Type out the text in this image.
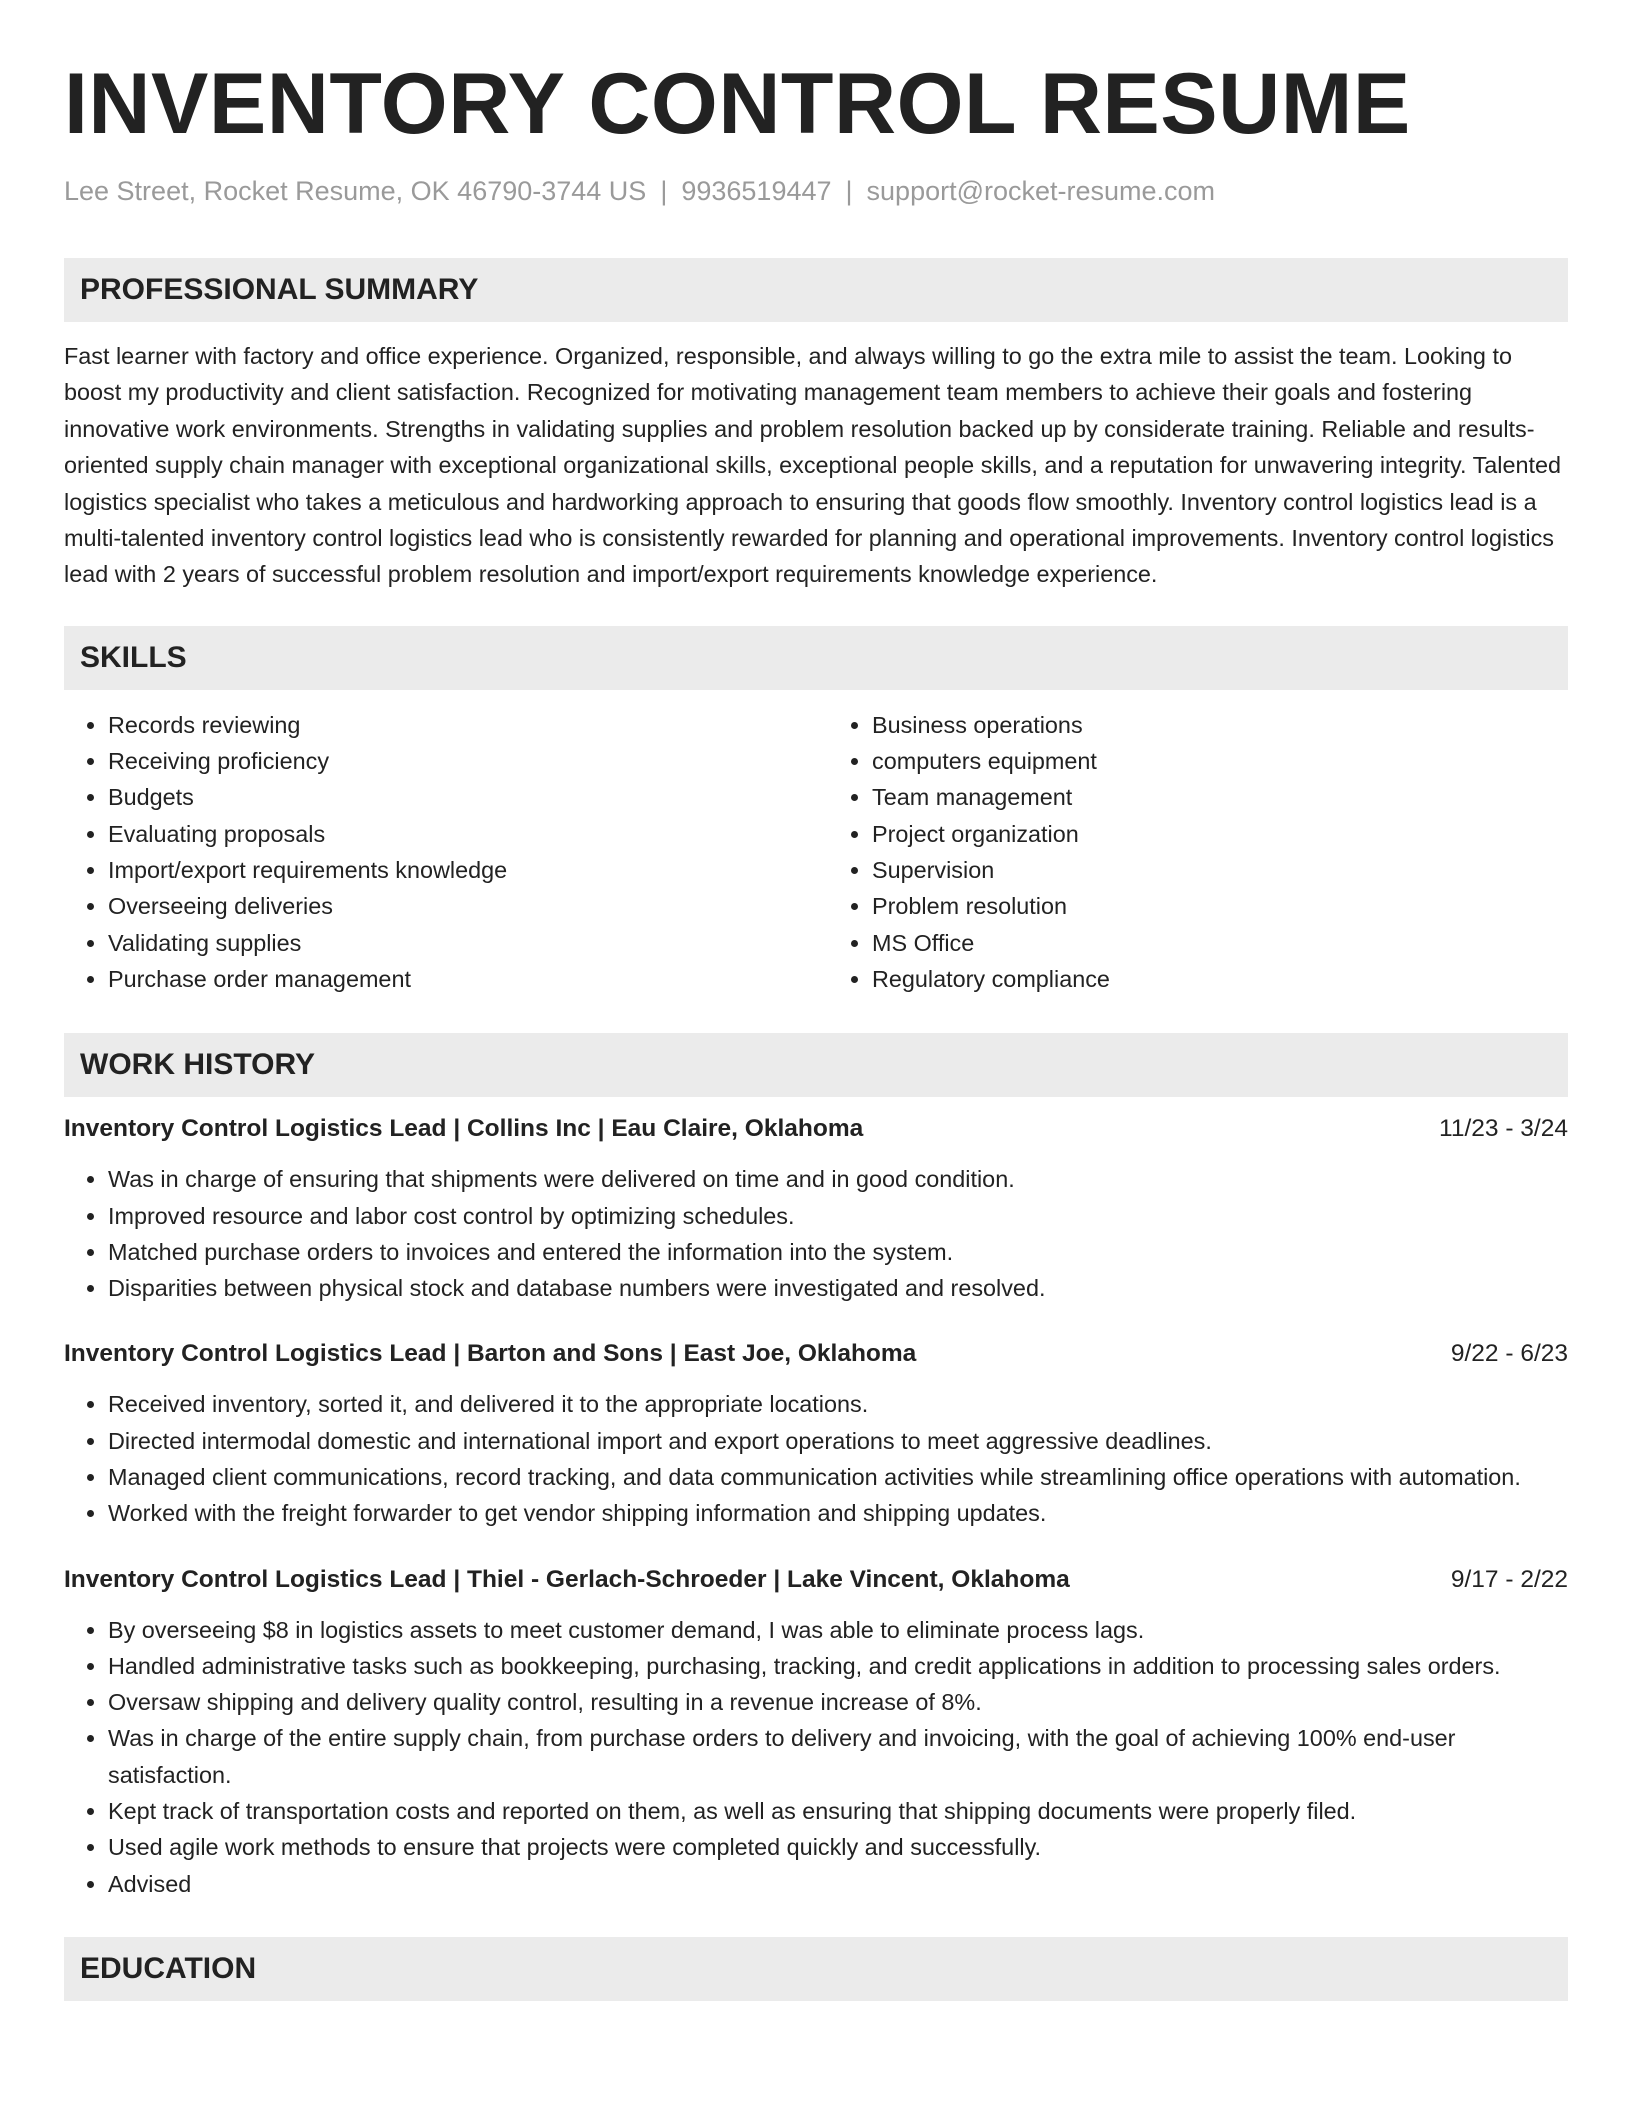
INVENTORY CONTROL RESUME
Lee Street, Rocket Resume, OK 46790-3744 US | 9936519447 | support@rocket-resume.com
PROFESSIONAL SUMMARY
Fast learner with factory and office experience. Organized, responsible, and always willing to go the extra mile to assist the team. Looking to boost my productivity and client satisfaction. Recognized for motivating management team members to achieve their goals and fostering innovative work environments. Strengths in validating supplies and problem resolution backed up by considerate training. Reliable and results-oriented supply chain manager with exceptional organizational skills, exceptional people skills, and a reputation for unwavering integrity. Talented logistics specialist who takes a meticulous and hardworking approach to ensuring that goods flow smoothly. Inventory control logistics lead is a multi-talented inventory control logistics lead who is consistently rewarded for planning and operational improvements. Inventory control logistics lead with 2 years of successful problem resolution and import/export requirements knowledge experience.
SKILLS
• Records reviewing
• Receiving proficiency
• Budgets
• Evaluating proposals
• Import/export requirements knowledge
• Overseeing deliveries
• Validating supplies
• Purchase order management
• Business operations
• computers equipment
• Team management
• Project organization
• Supervision
• Problem resolution
• MS Office
• Regulatory compliance
WORK HISTORY
Inventory Control Logistics Lead | Collins Inc | Eau Claire, Oklahoma	11/23 - 3/24
• Was in charge of ensuring that shipments were delivered on time and in good condition.
• Improved resource and labor cost control by optimizing schedules.
• Matched purchase orders to invoices and entered the information into the system.
• Disparities between physical stock and database numbers were investigated and resolved.
Inventory Control Logistics Lead | Barton and Sons | East Joe, Oklahoma	9/22 - 6/23
• Received inventory, sorted it, and delivered it to the appropriate locations.
• Directed intermodal domestic and international import and export operations to meet aggressive deadlines.
• Managed client communications, record tracking, and data communication activities while streamlining office operations with automation.
• Worked with the freight forwarder to get vendor shipping information and shipping updates.
Inventory Control Logistics Lead | Thiel - Gerlach-Schroeder | Lake Vincent, Oklahoma	9/17 - 2/22
• By overseeing $8 in logistics assets to meet customer demand, I was able to eliminate process lags.
• Handled administrative tasks such as bookkeeping, purchasing, tracking, and credit applications in addition to processing sales orders.
• Oversaw shipping and delivery quality control, resulting in a revenue increase of 8%.
• Was in charge of the entire supply chain, from purchase orders to delivery and invoicing, with the goal of achieving 100% end-user satisfaction.
• Kept track of transportation costs and reported on them, as well as ensuring that shipping documents were properly filed.
• Used agile work methods to ensure that projects were completed quickly and successfully.
• Advised
EDUCATION
